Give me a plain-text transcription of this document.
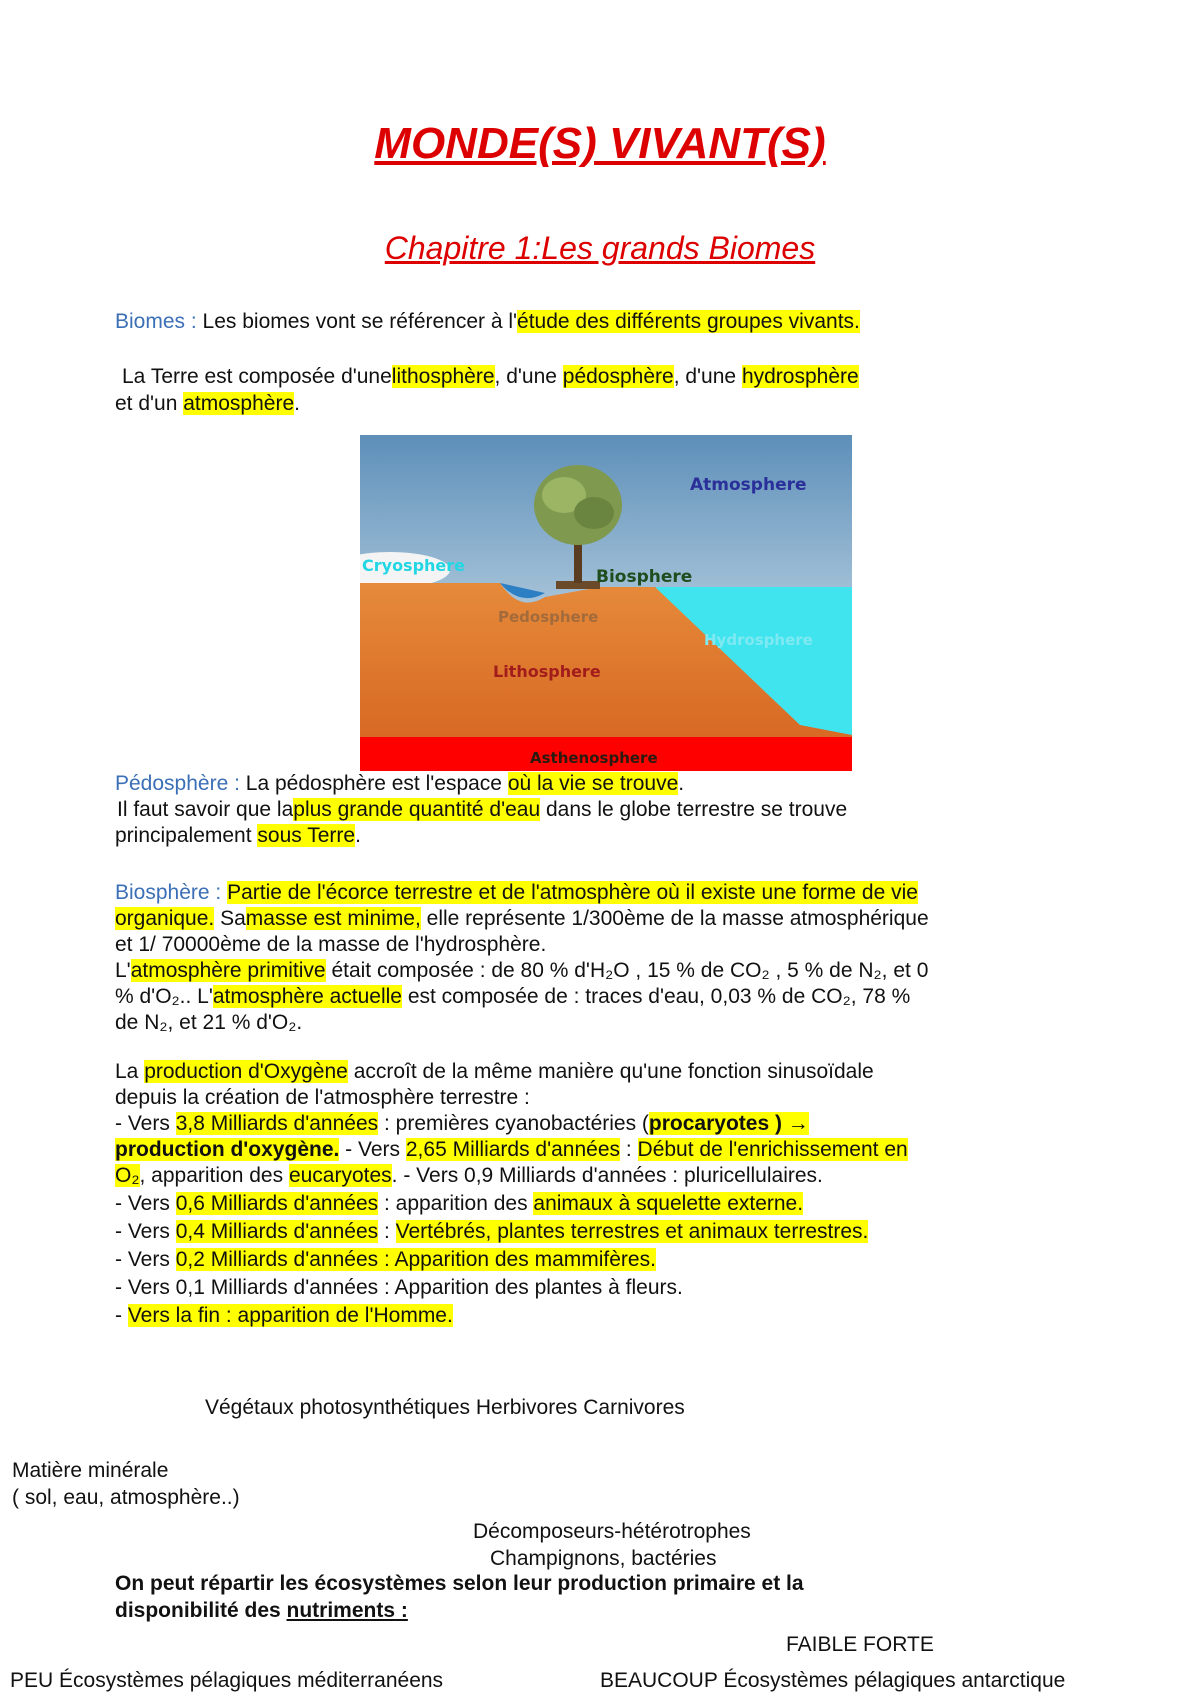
MONDE(S) VIVANT(S)
Chapitre 1:Les grands Biomes
Biomes : Les biomes vont se référencer à l'étude des différents groupes vivants.
La Terre est composée d'unelithosphère, d'une pédosphère, d'une hydrosphère
et d'un atmosphère.
Atmosphere
Cryosphere
Biosphere
Pedosphere
Hydrosphere
Lithosphere
Asthenosphere
Pédosphère : La pédosphère est l'espace où la vie se trouve.
Il faut savoir que laplus grande quantité d'eau dans le globe terrestre se trouve
principalement sous Terre.
Biosphère : Partie de l'écorce terrestre et de l'atmosphère où il existe une forme de vie
organique. Samasse est minime, elle représente 1/300ème de la masse atmosphérique
et 1/ 70000ème de la masse de l'hydrosphère.
L'atmosphère primitive était composée : de 80 % d'H₂O , 15 % de CO₂ , 5 % de N₂, et 0
% d'O₂.. L'atmosphère actuelle est composée de : traces d'eau, 0,03 % de CO₂, 78 %
de N₂, et 21 % d'O₂.
La production d'Oxygène accroît de la même manière qu'une fonction sinusoïdale
depuis la création de l'atmosphère terrestre :
- Vers 3,8 Milliards d'années : premières cyanobactéries (procaryotes ) →
production d'oxygène. - Vers 2,65 Milliards d'années : Début de l'enrichissement en
O₂, apparition des eucaryotes. - Vers 0,9 Milliards d'années : pluricellulaires.
- Vers 0,6 Milliards d'années : apparition des animaux à squelette externe.
- Vers 0,4 Milliards d'années : Vertébrés, plantes terrestres et animaux terrestres.
- Vers 0,2 Milliards d'années : Apparition des mammifères.
- Vers 0,1 Milliards d'années : Apparition des plantes à fleurs.
- Vers la fin : apparition de l'Homme.
Végétaux photosynthétiques Herbivores Carnivores
Matière minérale
( sol, eau, atmosphère..)
Décomposeurs-hétérotrophes
Champignons, bactéries
On peut répartir les écosystèmes selon leur production primaire et la
disponibilité des nutriments :
FAIBLE FORTE
PEU Écosystèmes pélagiques méditerranéens	BEAUCOUP Écosystèmes pélagiques antarctique
